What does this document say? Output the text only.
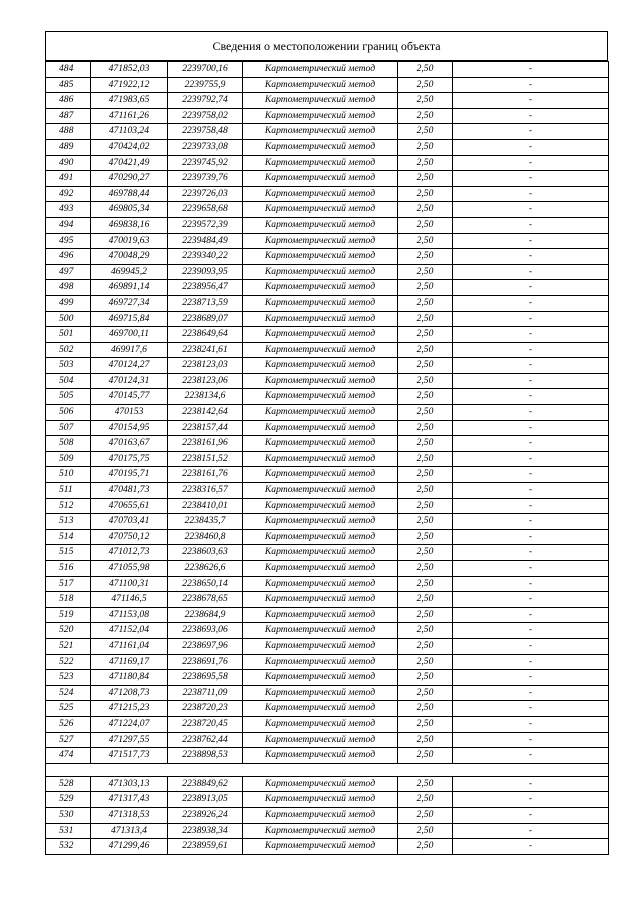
Сведения о местоположении границ объекта
484	471852,03	2239700,16	Картометрический метод	2,50	-
485	471922,12	2239755,9	Картометрический метод	2,50	-
486	471983,65	2239792,74	Картометрический метод	2,50	-
487	471161,26	2239758,02	Картометрический метод	2,50	-
488	471103,24	2239758,48	Картометрический метод	2,50	-
489	470424,02	2239733,08	Картометрический метод	2,50	-
490	470421,49	2239745,92	Картометрический метод	2,50	-
491	470290,27	2239739,76	Картометрический метод	2,50	-
492	469788,44	2239726,03	Картометрический метод	2,50	-
493	469805,34	2239658,68	Картометрический метод	2,50	-
494	469838,16	2239572,39	Картометрический метод	2,50	-
495	470019,63	2239484,49	Картометрический метод	2,50	-
496	470048,29	2239340,22	Картометрический метод	2,50	-
497	469945,2	2239093,95	Картометрический метод	2,50	-
498	469891,14	2238956,47	Картометрический метод	2,50	-
499	469727,34	2238713,59	Картометрический метод	2,50	-
500	469715,84	2238689,07	Картометрический метод	2,50	-
501	469700,11	2238649,64	Картометрический метод	2,50	-
502	469917,6	2238241,61	Картометрический метод	2,50	-
503	470124,27	2238123,03	Картометрический метод	2,50	-
504	470124,31	2238123,06	Картометрический метод	2,50	-
505	470145,77	2238134,6	Картометрический метод	2,50	-
506	470153	2238142,64	Картометрический метод	2,50	-
507	470154,95	2238157,44	Картометрический метод	2,50	-
508	470163,67	2238161,96	Картометрический метод	2,50	-
509	470175,75	2238151,52	Картометрический метод	2,50	-
510	470195,71	2238161,76	Картометрический метод	2,50	-
511	470481,73	2238316,57	Картометрический метод	2,50	-
512	470655,61	2238410,01	Картометрический метод	2,50	-
513	470703,41	2238435,7	Картометрический метод	2,50	-
514	470750,12	2238460,8	Картометрический метод	2,50	-
515	471012,73	2238603,63	Картометрический метод	2,50	-
516	471055,98	2238626,6	Картометрический метод	2,50	-
517	471100,31	2238650,14	Картометрический метод	2,50	-
518	471146,5	2238678,65	Картометрический метод	2,50	-
519	471153,08	2238684,9	Картометрический метод	2,50	-
520	471152,04	2238693,06	Картометрический метод	2,50	-
521	471161,04	2238697,96	Картометрический метод	2,50	-
522	471169,17	2238691,76	Картометрический метод	2,50	-
523	471180,84	2238695,58	Картометрический метод	2,50	-
524	471208,73	2238711,09	Картометрический метод	2,50	-
525	471215,23	2238720,23	Картометрический метод	2,50	-
526	471224,07	2238720,45	Картометрический метод	2,50	-
527	471297,55	2238762,44	Картометрический метод	2,50	-
474	471517,73	2238898,53	Картометрический метод	2,50	-

528	471303,13	2238849,62	Картометрический метод	2,50	-
529	471317,43	2238913,05	Картометрический метод	2,50	-
530	471318,53	2238926,24	Картометрический метод	2,50	-
531	471313,4	2238938,34	Картометрический метод	2,50	-
532	471299,46	2238959,61	Картометрический метод	2,50	-
